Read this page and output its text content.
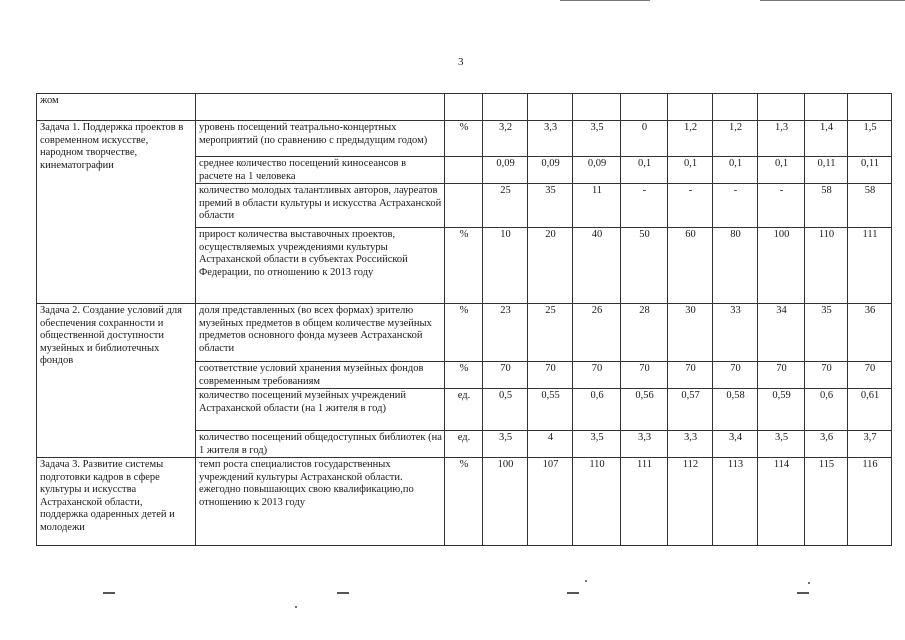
3
жом											
Задача 1. Поддержка проектов в современном искусстве, народном творчестве, кинематографии	уровень посещений театрально-концертных мероприятий (по сравнению с предыдущим годом)	%	3,2	3,3	3,5	0	1,2	1,2	1,3	1,4	1,5
	среднее количество посещений киносеансов в расчете на 1 человека		0,09	0,09	0,09	0,1	0,1	0,1	0,1	0,11	0,11
	количество молодых талантливых авторов, лауреатов премий в области культуры и искусства Астраханской области		25	35	11	-	-	-	-	58	58
	прирост количества выставочных проектов, осуществляемых учреждениями культуры Астраханской области в субъектах Российской Федерации, по отношению к 2013 году	%	10	20	40	50	60	80	100	110	111
Задача 2. Создание условий для обеспечения сохранности и общественной доступности музейных и библиотечных фондов	доля представленных (во всех формах) зрителю музейных предметов в общем количестве музейных предметов основного фонда музеев Астраханской области	%	23	25	26	28	30	33	34	35	36
	соответствие условий хранения музейных фондов современным требованиям	%	70	70	70	70	70	70	70	70	70
	количество посещений музейных учреждений Астраханской области (на 1 жителя в год)	ед.	0,5	0,55	0,6	0,56	0,57	0,58	0,59	0,6	0,61
	количество посещений общедоступных библиотек (на 1 жителя в год)	ед.	3,5	4	3,5	3,3	3,3	3,4	3,5	3,6	3,7
Задача 3. Развитие системы подготовки кадров в сфере культуры и искусства Астраханской области, поддержка одаренных детей и молодежи	темп роста специалистов государственных учреждений культуры Астраханской области. ежегодно повышающих свою квалификацию,по отношению к 2013 году	%	100	107	110	111	112	113	114	115	116
